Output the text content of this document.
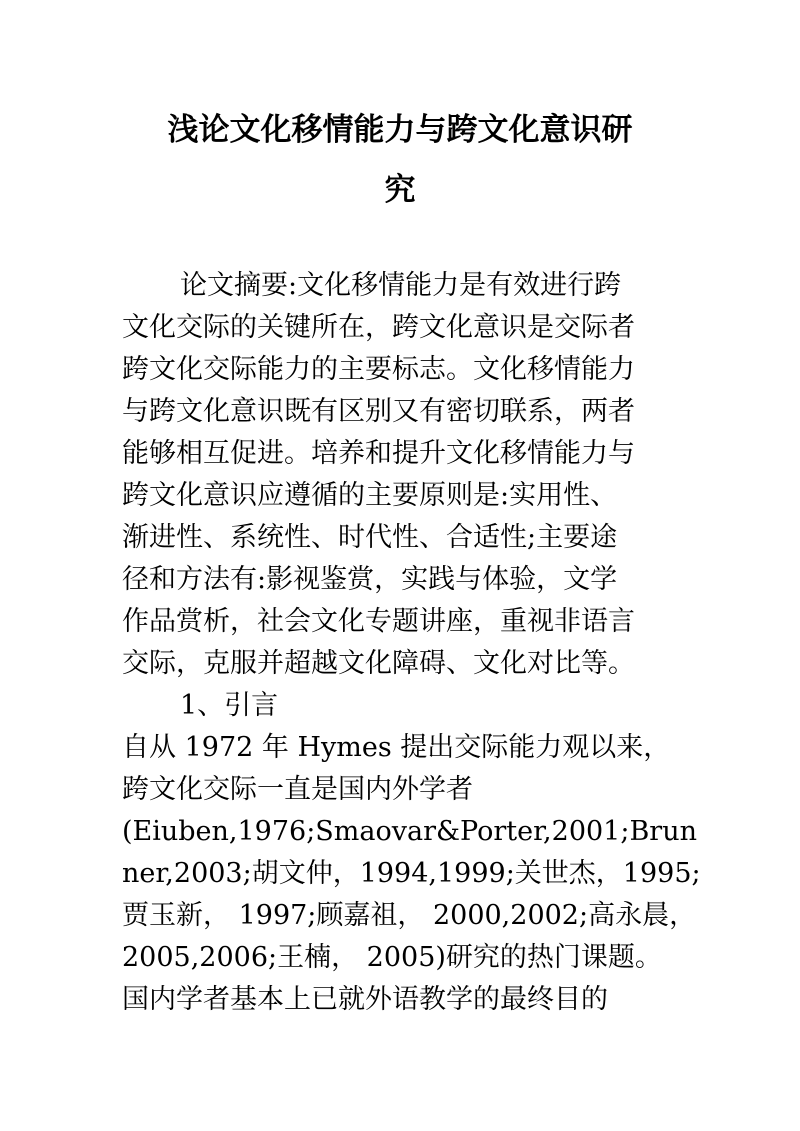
浅论文化移情能力与跨文化意识研
究
论文摘要:文化移情能力是有效进行跨
文化交际的关键所在，跨文化意识是交际者
跨文化交际能力的主要标志。文化移情能力
与跨文化意识既有区别又有密切联系，两者
能够相互促进。培养和提升文化移情能力与
跨文化意识应遵循的主要原则是:实用性、
渐进性、系统性、时代性、合适性;主要途
径和方法有:影视鉴赏，实践与体验，文学
作品赏析，社会文化专题讲座，重视非语言
交际，克服并超越文化障碍、文化对比等。
1、引言
自从 1972 年 Hymes 提出交际能力观以来，
跨文化交际一直是国内外学者
(Eiuben,1976;Smaovar&Porter,2001;Brun
ner,2003;胡文仲，1994,1999;关世杰，1995;
贾玉新， 1997;顾嘉祖， 2000,2002;高永晨，
2005,2006;王楠， 2005)研究的热门课题。
国内学者基本上已就外语教学的最终目的
